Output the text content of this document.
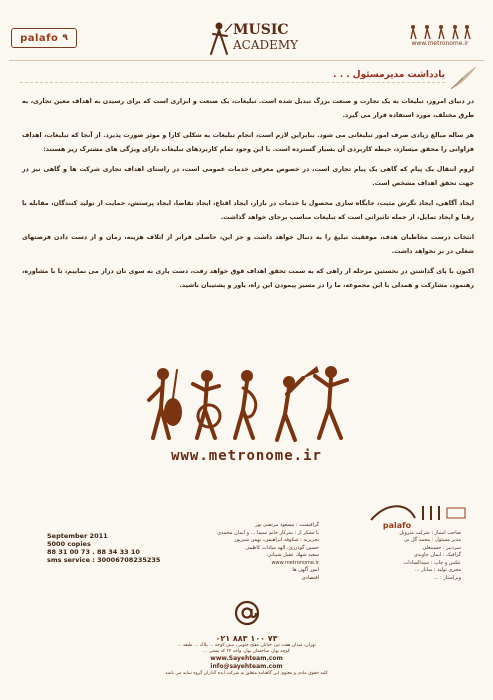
palafo ٩	MUSIC
ACADEMY	www.metronome.ir
یادداشت مدیرمسئول . . .

در دنیای امروز، تبلیغات به یک تجارت و صنعت بزرگ تبدیل شده است. تبلیغات، یک صنعت و ابزاری است که برای رسیدن به اهداف معین تجاری، به طرق مختلف، مورد استفاده قرار می گیرد.

هر ساله مبالغ زیادی صرف امور تبلیغاتی می شود. بنابراین لازم است، انجام تبلیغات به شکلی کارا و موثر صورت پذیرد. از آنجا که تبلیغات، اهداف فراوانی را محقق میسازد، حیطه کاربردی آن بسیار گسترده است. با این وجود تمام کاربردهای تبلیغات دارای ویژگی های مشترک زیر هستند:

لزوم انتقال یک پیام که گاهی یک پیام تجاری است، در خصوص معرفی خدمات عمومی است، در راستای اهداف تجاری شرکت ها و گاهی نیز در جهت تحقق اهداف مشخص است.

ایجاد آگاهی، ایجاد نگرش مثبت، جایگاه سازی محصول یا خدمات در بازار، ایجاد اقناع، ایجاد تقاضا، ایجاد پرستش، حمایت از تولید کنندگان، مقابله با رقبا و ایجاد تمایل، از جمله تاثیراتی است که تبلیغات مناسب برجای خواهد گذاشت.

انتخاب درست مخاطبان هدف، موفقیت تبلیغ را به دنبال خواهد داشت و جز این، حاصلی فراتر از اتلاف هزینه، زمان و از دست دادن فرصتهای شغلی در بر نخواهد داشت.

اکنون با پای گذاشتن در نخستین مرحله از راهی که به سمت تحقق اهداف فوق خواهد رفت، دست یاری به سوی تان دراز می نماییم، تا با مشاوره، رهنمود، مشارکت و همدلی با این مجموعه، ما را در مسیر پیمودن این راه، یاور و پشتیبان باشید.

www.metronome.ir
September 2011
5000 copies
88 31 00 73 . 88 34 33 10
sms service : 30006708235235
گرافیست : مسعود مرتضی پور
با تشکر از : سرکار خانم سیما ... و ایمان محمدی
تحریریه : شکوفه ابراهیمی، بهمن شیرپور
حسین گودرزی، الهه سادات کاظمی
سعید شهلا، عقیل شیبانی
www.metronome.ir
امور آگهی ها
اقتصادی
palafo
صاحب امتیاز : شرکت متروپل
مدیر مسئول : محمد گل بی
سردبیر : حسینعلی
گرافیک : ایمان جاویدی
عکس و چاپ : سیدالسادات
مجری تولید : ساناز ...
ویراستار : ...
۰۲۱ ۸۸۳ ۱۰۰ ۷۳
تهران، میدان هفت تیر، خیابان مفتح جنوبی، نبش کوچه ... پلاک ... طبقه ...
کوچه بهار، ساختمان بهار، واحد ۳۲ کد پستی ...
www.Sayehteam.com
info@sayehteam.com
کلیه حقوق مادی و معنوی این گاهنامه متعلق به شرکت ایده گذاران گروه سایه می باشد
